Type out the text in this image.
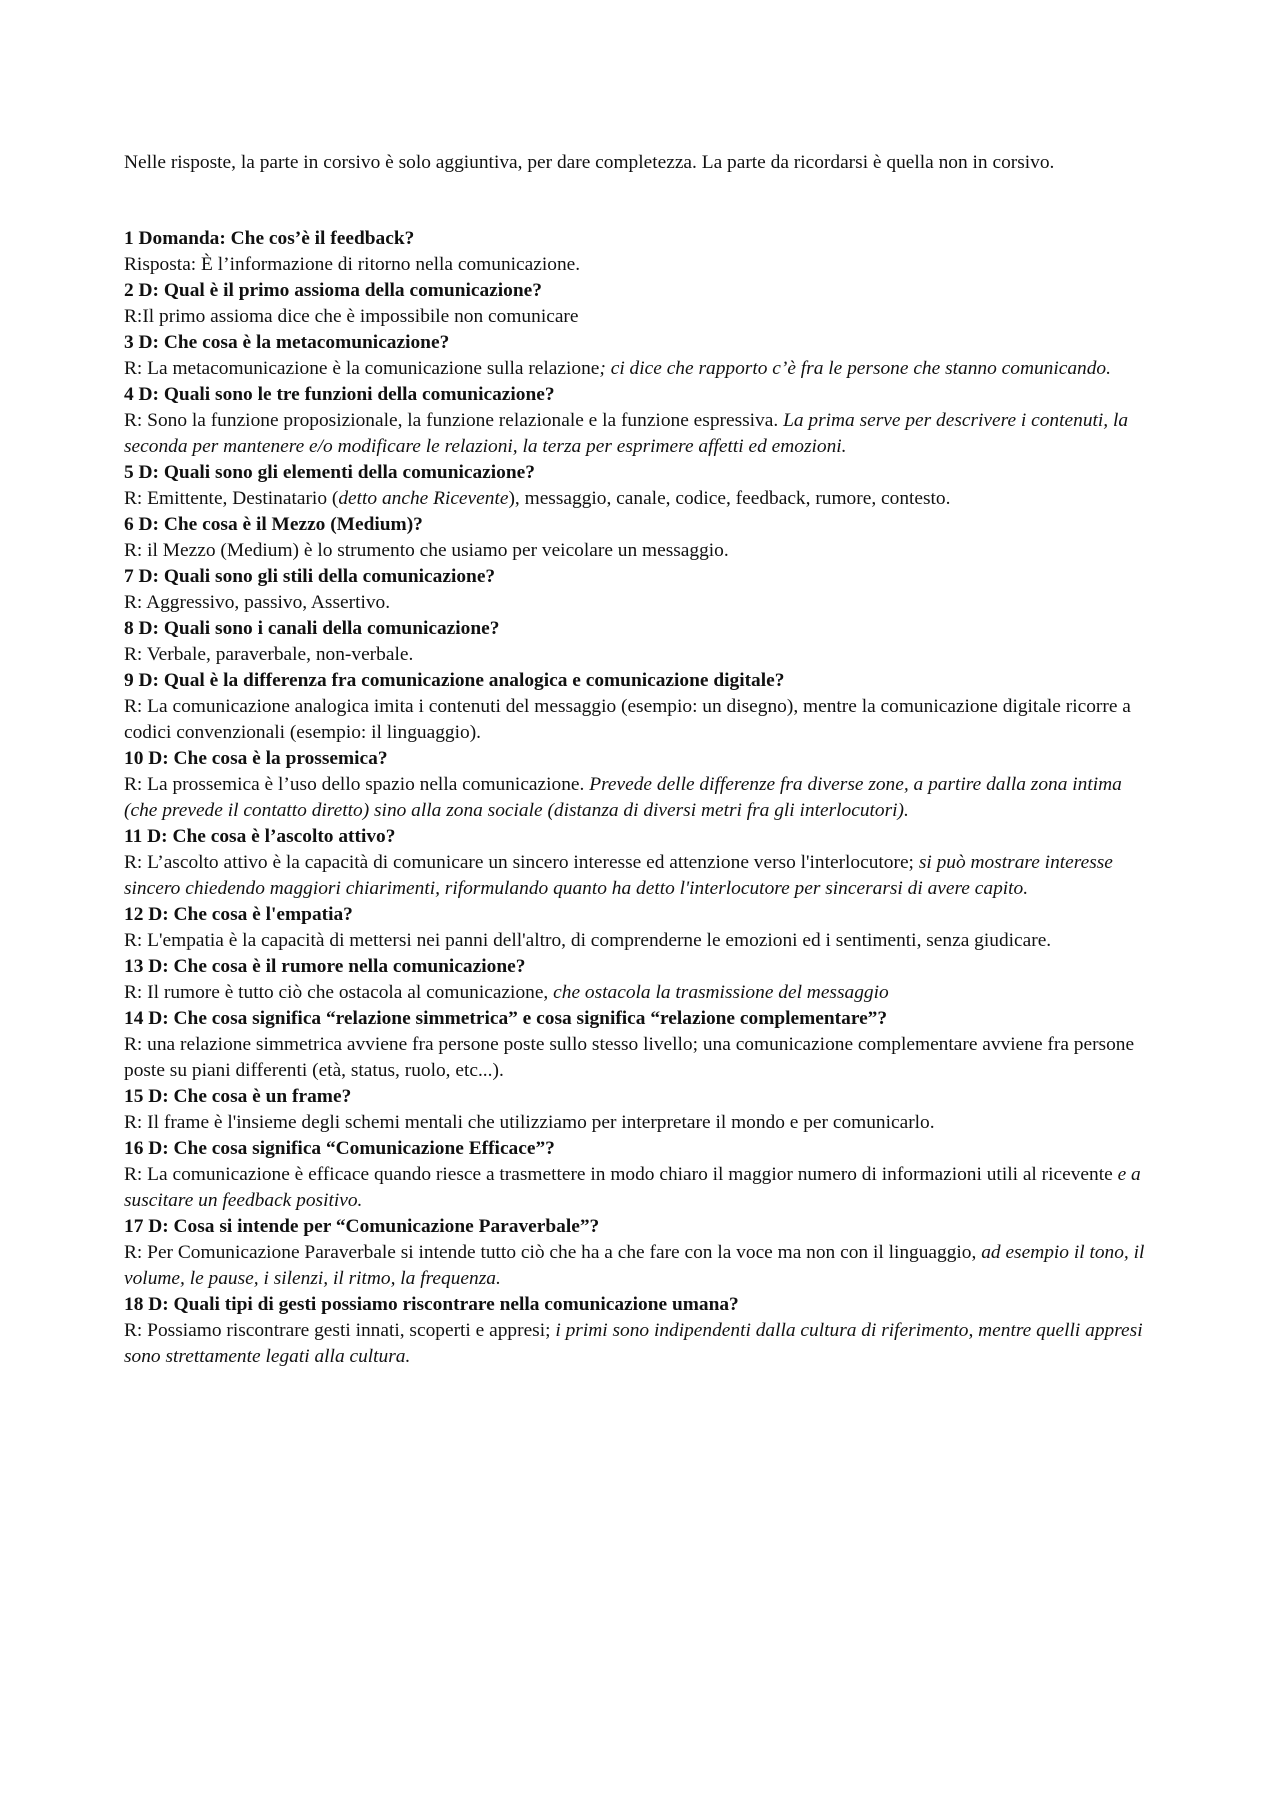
Nelle risposte, la parte in corsivo è solo aggiuntiva, per dare completezza. La parte da ricordarsi è quella non in corsivo.

1 Domanda: Che cos’è il feedback?

Risposta: È l’informazione di ritorno nella comunicazione.

2 D: Qual è il primo assioma della comunicazione?

R:Il primo assioma dice che è impossibile non comunicare

3 D: Che cosa è la metacomunicazione?

R: La metacomunicazione è la comunicazione sulla relazione; ci dice che rapporto c’è fra le persone che stanno comunicando.

4 D: Quali sono le tre funzioni della comunicazione?

R: Sono la funzione proposizionale, la funzione relazionale e la funzione espressiva. La prima serve per descrivere i contenuti, la seconda per mantenere e/o modificare le relazioni, la terza per esprimere affetti ed emozioni.

5 D: Quali sono gli elementi della comunicazione?

R: Emittente, Destinatario (detto anche Ricevente), messaggio, canale, codice, feedback, rumore, contesto.

6 D: Che cosa è il Mezzo (Medium)?

R: il Mezzo (Medium) è lo strumento che usiamo per veicolare un messaggio.

7 D: Quali sono gli stili della comunicazione?

R: Aggressivo, passivo, Assertivo.

8 D: Quali sono i canali della comunicazione?

R: Verbale, paraverbale, non-verbale.

9 D: Qual è la differenza fra comunicazione analogica e comunicazione digitale?

R: La comunicazione analogica imita i contenuti del messaggio (esempio: un disegno), mentre la comunicazione digitale ricorre a codici convenzionali (esempio: il linguaggio).

10 D: Che cosa è la prossemica?

R: La prossemica è l’uso dello spazio nella comunicazione. Prevede delle differenze fra diverse zone, a partire dalla zona intima (che prevede il contatto diretto) sino alla zona sociale (distanza di diversi metri fra gli interlocutori).

11 D: Che cosa è l’ascolto attivo?

R: L’ascolto attivo è la capacità di comunicare un sincero interesse ed attenzione verso l'interlocutore; si può mostrare interesse sincero chiedendo maggiori chiarimenti, riformulando quanto ha detto l'interlocutore per sincerarsi di avere capito.

12 D: Che cosa è l'empatia?

R: L'empatia è la capacità di mettersi nei panni dell'altro, di comprenderne le emozioni ed i sentimenti, senza giudicare.

13 D: Che cosa è il rumore nella comunicazione?

R: Il rumore è tutto ciò che ostacola al comunicazione, che ostacola la trasmissione del messaggio

14 D: Che cosa significa “relazione simmetrica” e cosa significa “relazione complementare”?

R: una relazione simmetrica avviene fra persone poste sullo stesso livello; una comunicazione complementare avviene fra persone poste su piani differenti (età, status, ruolo, etc...).

15 D: Che cosa è un frame?

R: Il frame è l'insieme degli schemi mentali che utilizziamo per interpretare il mondo e per comunicarlo.

16 D: Che cosa significa “Comunicazione Efficace”?

R: La comunicazione è efficace quando riesce a trasmettere in modo chiaro il maggior numero di informazioni utili al ricevente e a suscitare un feedback positivo.

17 D: Cosa si intende per “Comunicazione Paraverbale”?

R: Per Comunicazione Paraverbale si intende tutto ciò che ha a che fare con la voce ma non con il linguaggio, ad esempio il tono, il volume, le pause, i silenzi, il ritmo, la frequenza.

18 D: Quali tipi di gesti possiamo riscontrare nella comunicazione umana?

R: Possiamo riscontrare gesti innati, scoperti e appresi; i primi sono indipendenti dalla cultura di riferimento, mentre quelli appresi sono strettamente legati alla cultura.
